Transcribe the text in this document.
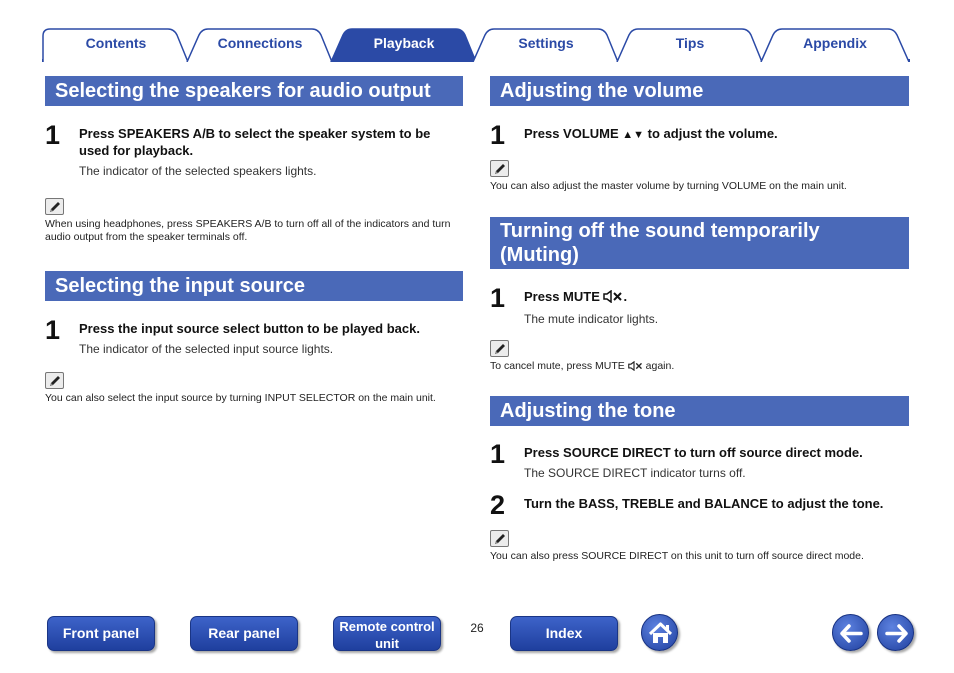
Contents	Connections	Playback	Settings	Tips	Appendix
Selecting the speakers for audio output
1 Press SPEAKERS A/B to select the speaker system to be used for playback.
The indicator of the selected speakers lights.
When using headphones, press SPEAKERS A/B to turn off all of the indicators and turn audio output from the speaker terminals off.
Selecting the input source
1 Press the input source select button to be played back.
The indicator of the selected input source lights.
You can also select the input source by turning INPUT SELECTOR on the main unit.
Adjusting the volume
1 Press VOLUME ▲▼ to adjust the volume.
You can also adjust the master volume by turning VOLUME on the main unit.
Turning off the sound temporarily
(Muting)
1 Press MUTE .
The mute indicator lights.
To cancel mute, press MUTE  again.
Adjusting the tone
1 Press SOURCE DIRECT to turn off source direct mode.
The SOURCE DIRECT indicator turns off.
2 Turn the BASS, TREBLE and BALANCE to adjust the tone.
You can also press SOURCE DIRECT on this unit to turn off source direct mode.
Front panel	Rear panel	Remote control
unit
26	Index
